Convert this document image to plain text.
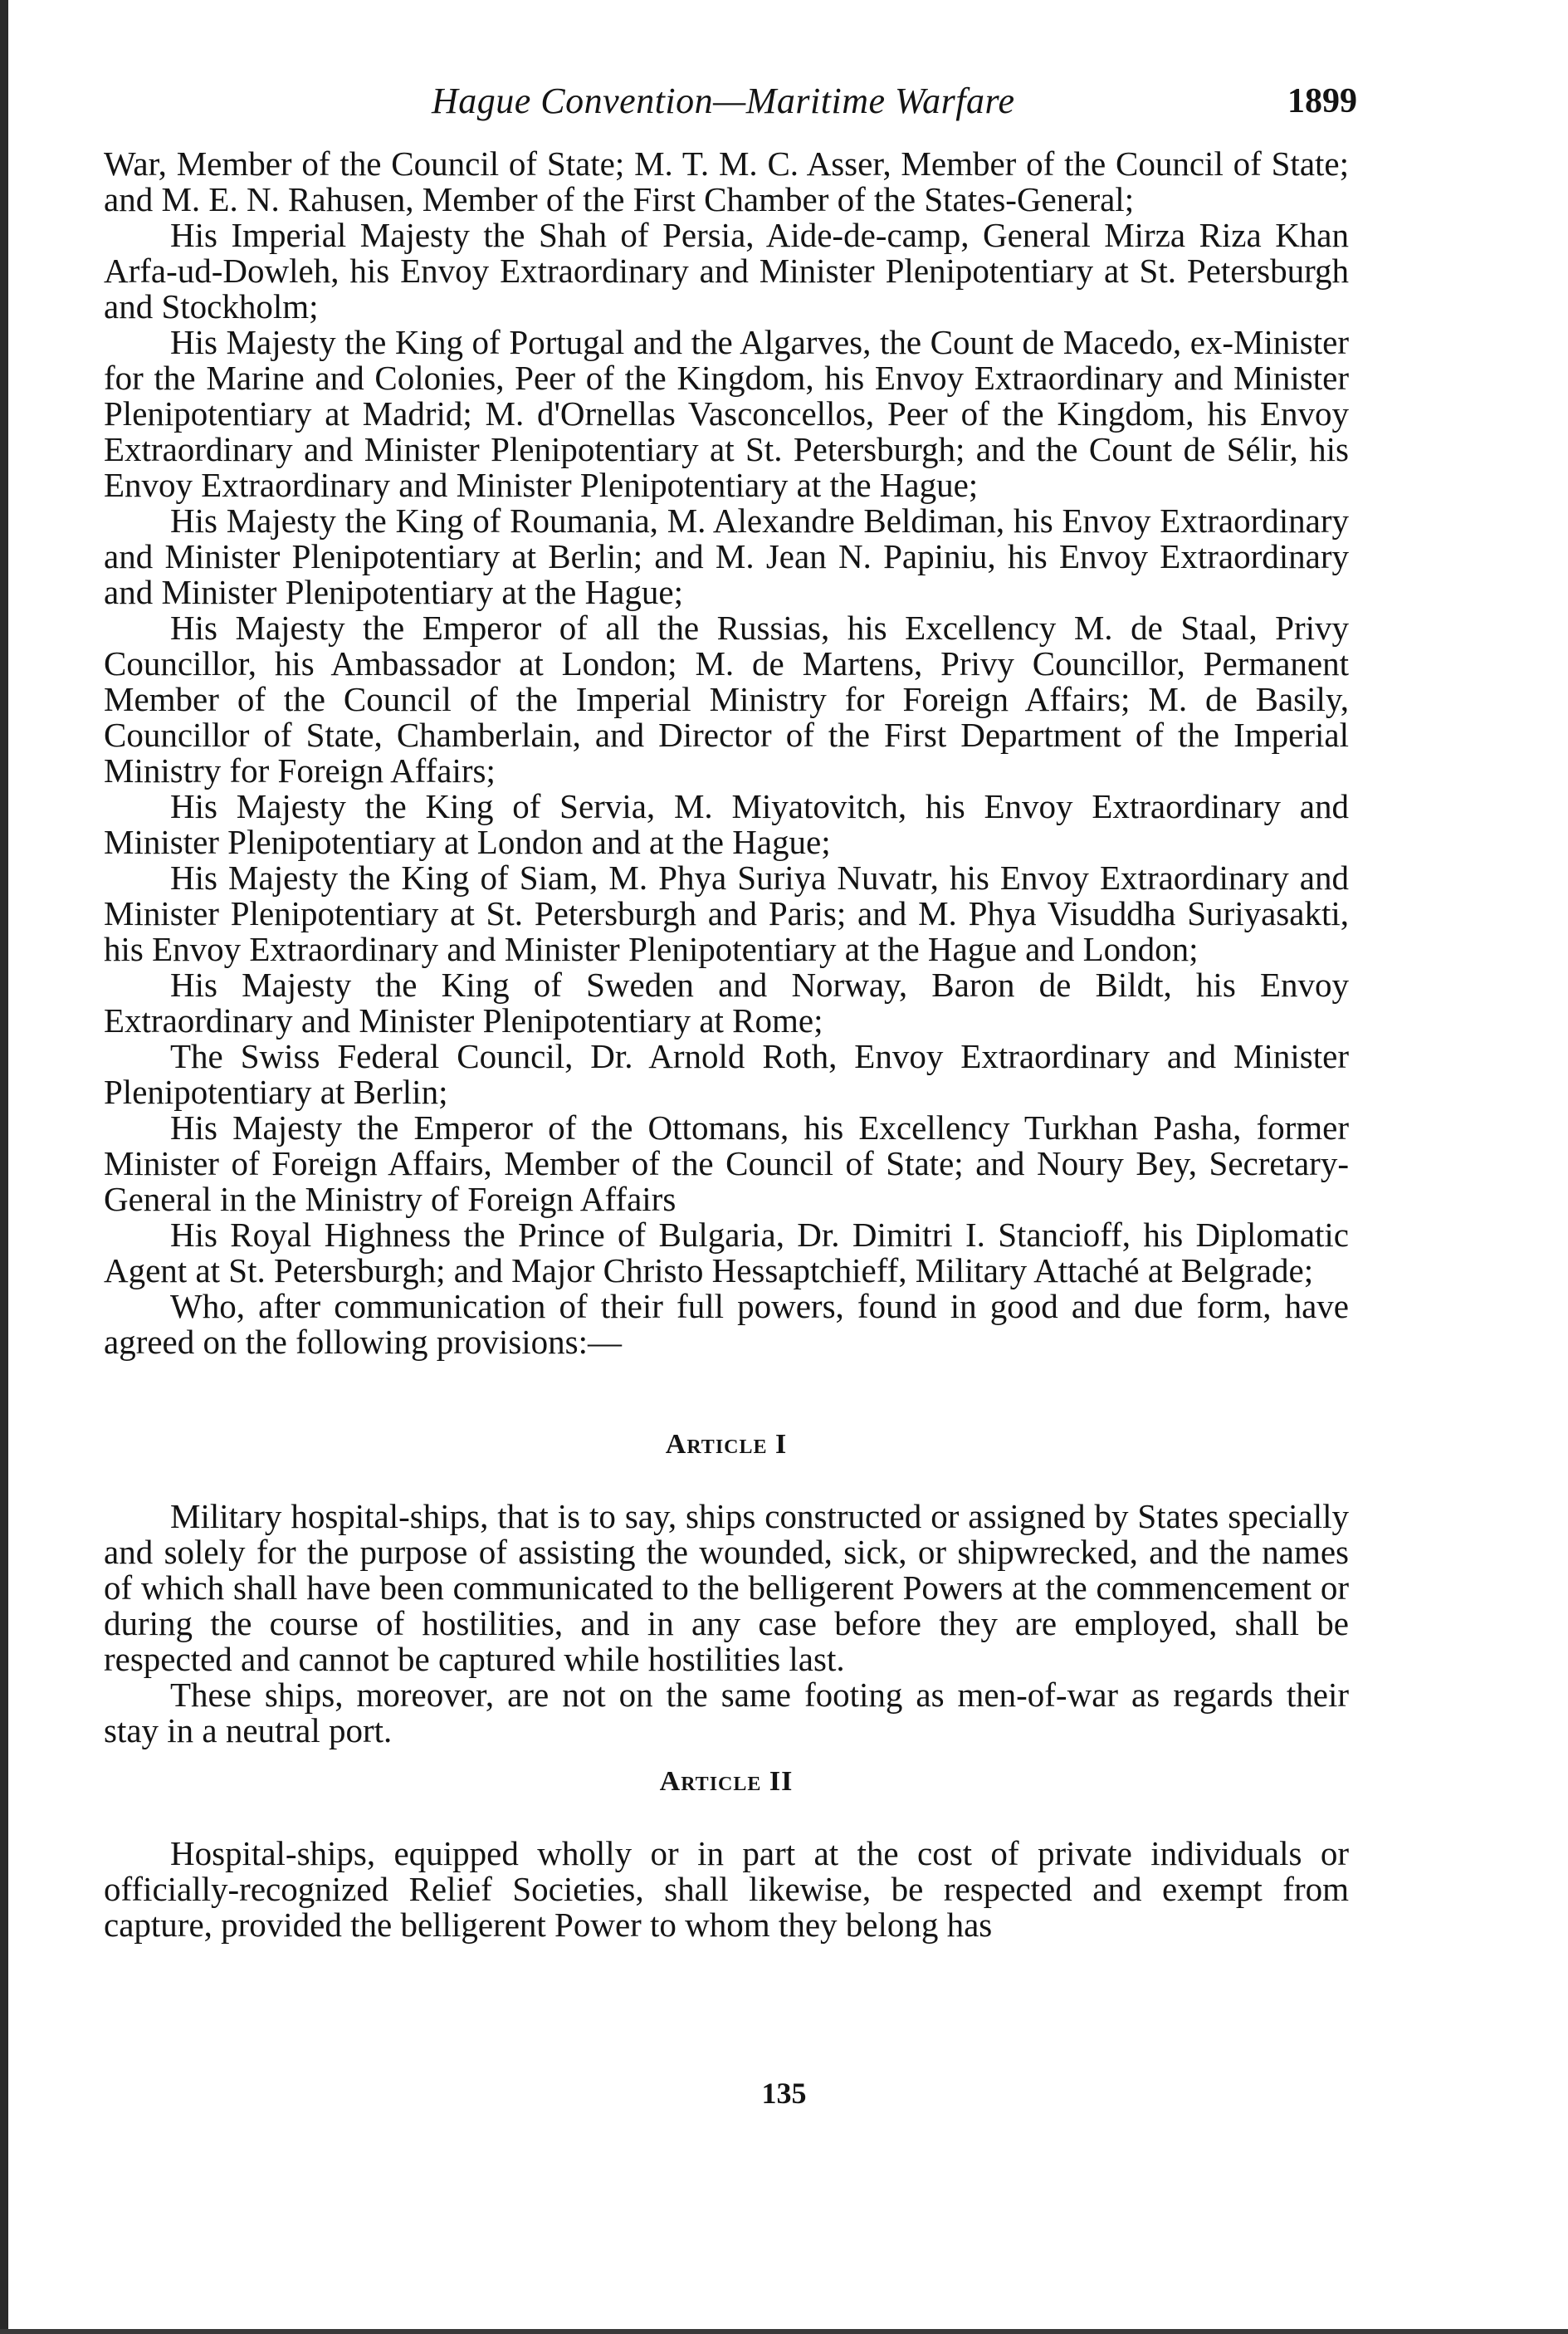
Hague Convention—Maritime Warfare	1899

War, Member of the Council of State; M. T. M. C. Asser, Member of the Council of State; and M. E. N. Rahusen, Member of the First Chamber of the States-General;

His Imperial Majesty the Shah of Persia, Aide-de-camp, General Mirza Riza Khan Arfa-ud-Dowleh, his Envoy Extraordinary and Minister Plenipotentiary at St. Petersburgh and Stockholm;

His Majesty the King of Portugal and the Algarves, the Count de Macedo, ex-Minister for the Marine and Colonies, Peer of the Kingdom, his Envoy Extraordinary and Minister Plenipotentiary at Madrid; M. d'Ornellas Vasconcellos, Peer of the Kingdom, his Envoy Extraordinary and Minister Plenipotentiary at St. Petersburgh; and the Count de Sélir, his Envoy Extraordinary and Minister Plenipotentiary at the Hague;

His Majesty the King of Roumania, M. Alexandre Beldiman, his Envoy Extraordinary and Minister Plenipotentiary at Berlin; and M. Jean N. Papiniu, his Envoy Extraordinary and Minister Plenipotentiary at the Hague;

His Majesty the Emperor of all the Russias, his Excellency M. de Staal, Privy Councillor, his Ambassador at London; M. de Martens, Privy Councillor, Permanent Member of the Council of the Imperial Ministry for Foreign Affairs; M. de Basily, Councillor of State, Chamberlain, and Director of the First Department of the Imperial Ministry for Foreign Affairs;

His Majesty the King of Servia, M. Miyatovitch, his Envoy Extraordinary and Minister Plenipotentiary at London and at the Hague;

His Majesty the King of Siam, M. Phya Suriya Nuvatr, his Envoy Extraordinary and Minister Plenipotentiary at St. Petersburgh and Paris; and M. Phya Visuddha Suriyasakti, his Envoy Extraordinary and Minister Plenipotentiary at the Hague and London;

His Majesty the King of Sweden and Norway, Baron de Bildt, his Envoy Extraordinary and Minister Plenipotentiary at Rome;

The Swiss Federal Council, Dr. Arnold Roth, Envoy Extraordinary and Minister Plenipotentiary at Berlin;

His Majesty the Emperor of the Ottomans, his Excellency Turkhan Pasha, former Minister of Foreign Affairs, Member of the Council of State; and Noury Bey, Secretary-General in the Ministry of Foreign Affairs

His Royal Highness the Prince of Bulgaria, Dr. Dimitri I. Stancioff, his Diplomatic Agent at St. Petersburgh; and Major Christo Hessaptchieff, Military Attaché at Belgrade;

Who, after communication of their full powers, found in good and due form, have agreed on the following provisions:—

Article I

Military hospital-ships, that is to say, ships constructed or assigned by States specially and solely for the purpose of assisting the wounded, sick, or shipwrecked, and the names of which shall have been communicated to the belligerent Powers at the commencement or during the course of hostilities, and in any case before they are employed, shall be respected and cannot be captured while hostilities last.

These ships, moreover, are not on the same footing as men-of-war as regards their stay in a neutral port.

Article II

Hospital-ships, equipped wholly or in part at the cost of private individuals or officially-recognized Relief Societies, shall likewise, be respected and exempt from capture, provided the belligerent Power to whom they belong has

135
